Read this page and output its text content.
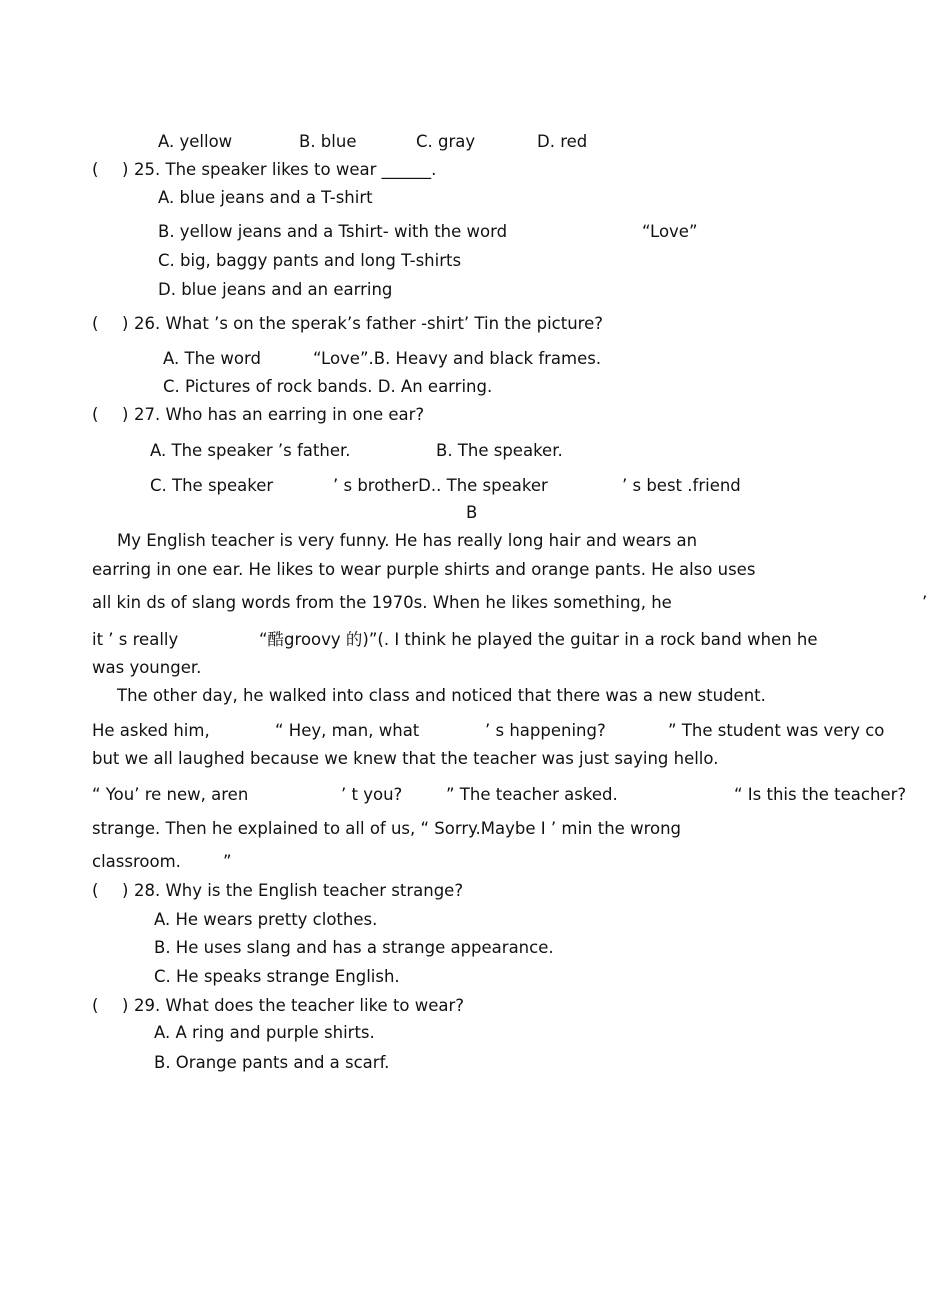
A. yellow	B. blue	C. gray	D. red
( ) 25. The speaker likes to wear ______.
A. blue jeans and a T-shirt
B. yellow jeans and a Tshirt- with the word	“Love”
C. big, baggy pants and long T-shirts
D. blue jeans and an earring
( ) 26. What ’s on the sperak’s father -shirt’ Tin the picture?
A. The word	“Love”.B. Heavy and black frames.
C. Pictures of rock bands. D. An earring.
( ) 27. Who has an earring in one ear?
A. The speaker ’s father.	B. The speaker.
C. The speaker	’ s brotherD.. The speaker	’ s best .friend
B
My English teacher is very funny. He has really long hair and wears an
earring in one ear. He likes to wear purple shirts and orange pants. He also uses
all kin ds of slang words from the 1970s. When he likes something, he	’
it ’ s really	“酷groovy 的)”(. I think he played the guitar in a rock band when he
was younger.
The other day, he walked into class and noticed that there was a new student.
He asked him,	“ Hey, man, what	’ s happening?	” The student was very co
but we all laughed because we knew that the teacher was just saying hello.
“ You’ re new, aren	’ t you?	” The teacher asked.	“ Is this the teacher?
strange. Then he explained to all of us, “ Sorry.Maybe I ’ min the wrong
classroom.	”
( ) 28. Why is the English teacher strange?
A. He wears pretty clothes.
B. He uses slang and has a strange appearance.
C. He speaks strange English.
( ) 29. What does the teacher like to wear?
A. A ring and purple shirts.
B. Orange pants and a scarf.
